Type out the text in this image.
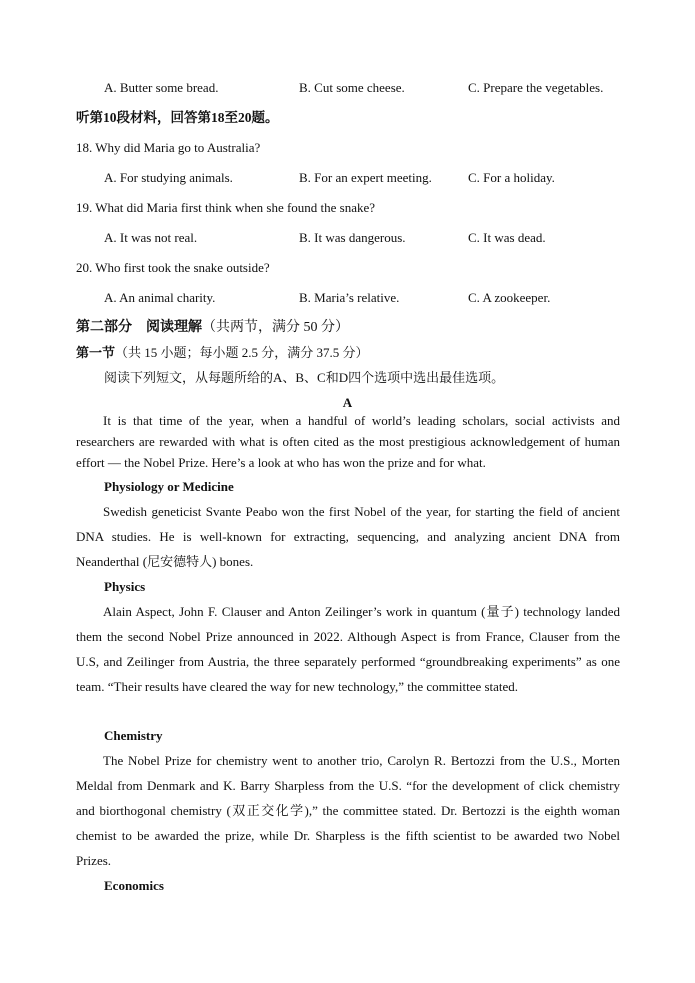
A. Butter some bread.	B. Cut some cheese.	C. Prepare the vegetables.
听第10段材料，回答第18至20题。
18. Why did Maria go to Australia?
A. For studying animals.	B. For an expert meeting.	C. For a holiday.
19. What did Maria first think when she found the snake?
A. It was not real.	B. It was dangerous.	C. It was dead.
20. Who first took the snake outside?
A. An animal charity.	B. Maria’s relative.	C. A zookeeper.
第二部分　阅读理解（共两节，满分 50 分）
第一节（共 15 小题；每小题 2.5 分，满分 37.5 分）
阅读下列短文，从每题所给的A、B、C和D四个选项中选出最佳选项。
A
It is that time of the year, when a handful of world’s leading scholars, social activists and researchers are rewarded with what is often cited as the most prestigious acknowledgement of human effort — the Nobel Prize. Here’s a look at who has won the prize and for what.
Physiology or Medicine
Swedish geneticist Svante Peabo won the first Nobel of the year, for starting the field of ancient DNA studies. He is well-known for extracting, sequencing, and analyzing ancient DNA from Neanderthal (尼安德特人) bones.
Physics
Alain Aspect, John F. Clauser and Anton Zeilinger’s work in quantum (量子) technology landed them the second Nobel Prize announced in 2022. Although Aspect is from France, Clauser from the U.S, and Zeilinger from Austria, the three separately performed “groundbreaking experiments” as one team. “Their results have cleared the way for new technology,” the committee stated.
Chemistry
The Nobel Prize for chemistry went to another trio, Carolyn R. Bertozzi from the U.S., Morten Meldal from Denmark and K. Barry Sharpless from the U.S. “for the development of click chemistry and biorthogonal chemistry (双正交化学),” the committee stated. Dr. Bertozzi is the eighth woman chemist to be awarded the prize, while Dr. Sharpless is the fifth scientist to be awarded two Nobel Prizes.
Economics
